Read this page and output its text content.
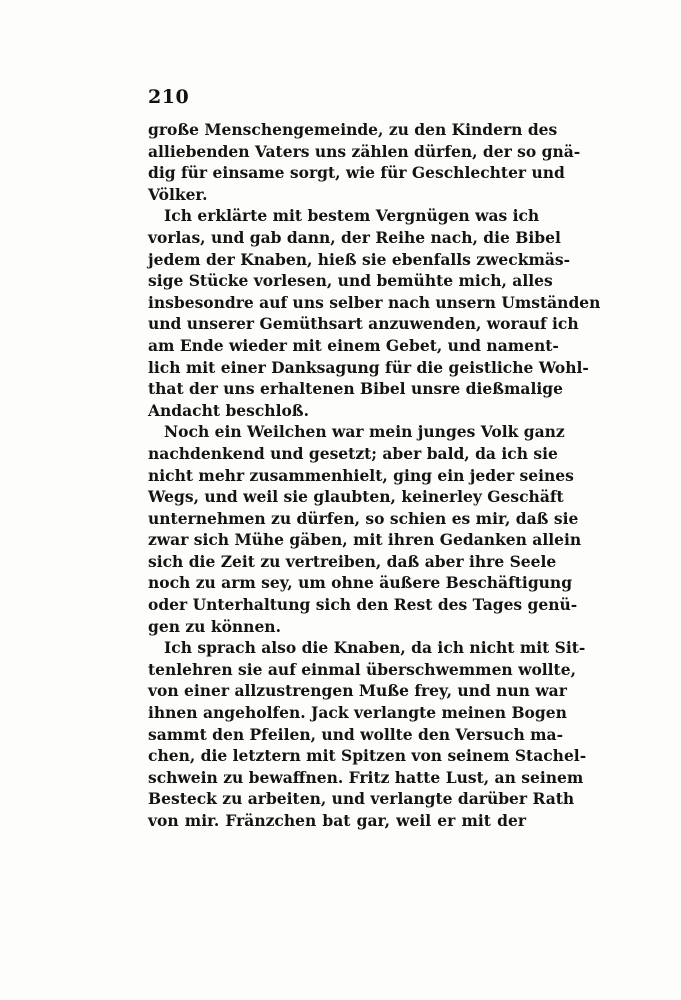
210
große Menschengemeinde, zu den Kindern des
alliebenden Vaters uns zählen dürfen, der so gnä-
dig für einsame sorgt, wie für Geschlechter und
Völker.
Ich erklärte mit bestem Vergnügen was ich
vorlas, und gab dann, der Reihe nach, die Bibel
jedem der Knaben, hieß sie ebenfalls zweckmäs-
sige Stücke vorlesen, und bemühte mich, alles
insbesondre auf uns selber nach unsern Umständen
und unserer Gemüthsart anzuwenden, worauf ich
am Ende wieder mit einem Gebet, und nament-
lich mit einer Danksagung für die geistliche Wohl-
that der uns erhaltenen Bibel unsre dießmalige
Andacht beschloß.
Noch ein Weilchen war mein junges Volk ganz
nachdenkend und gesetzt; aber bald, da ich sie
nicht mehr zusammenhielt, ging ein jeder seines
Wegs, und weil sie glaubten, keinerley Geschäft
unternehmen zu dürfen, so schien es mir, daß sie
zwar sich Mühe gäben, mit ihren Gedanken allein
sich die Zeit zu vertreiben, daß aber ihre Seele
noch zu arm sey, um ohne äußere Beschäftigung
oder Unterhaltung sich den Rest des Tages genü-
gen zu können.
Ich sprach also die Knaben, da ich nicht mit Sit-
tenlehren sie auf einmal überschwemmen wollte,
von einer allzustrengen Muße frey, und nun war
ihnen angeholfen. Jack verlangte meinen Bogen
sammt den Pfeilen, und wollte den Versuch ma-
chen, die letztern mit Spitzen von seinem Stachel-
schwein zu bewaffnen. Fritz hatte Lust, an seinem
Besteck zu arbeiten, und verlangte darüber Rath
von mir. Fränzchen bat gar, weil er mit der
